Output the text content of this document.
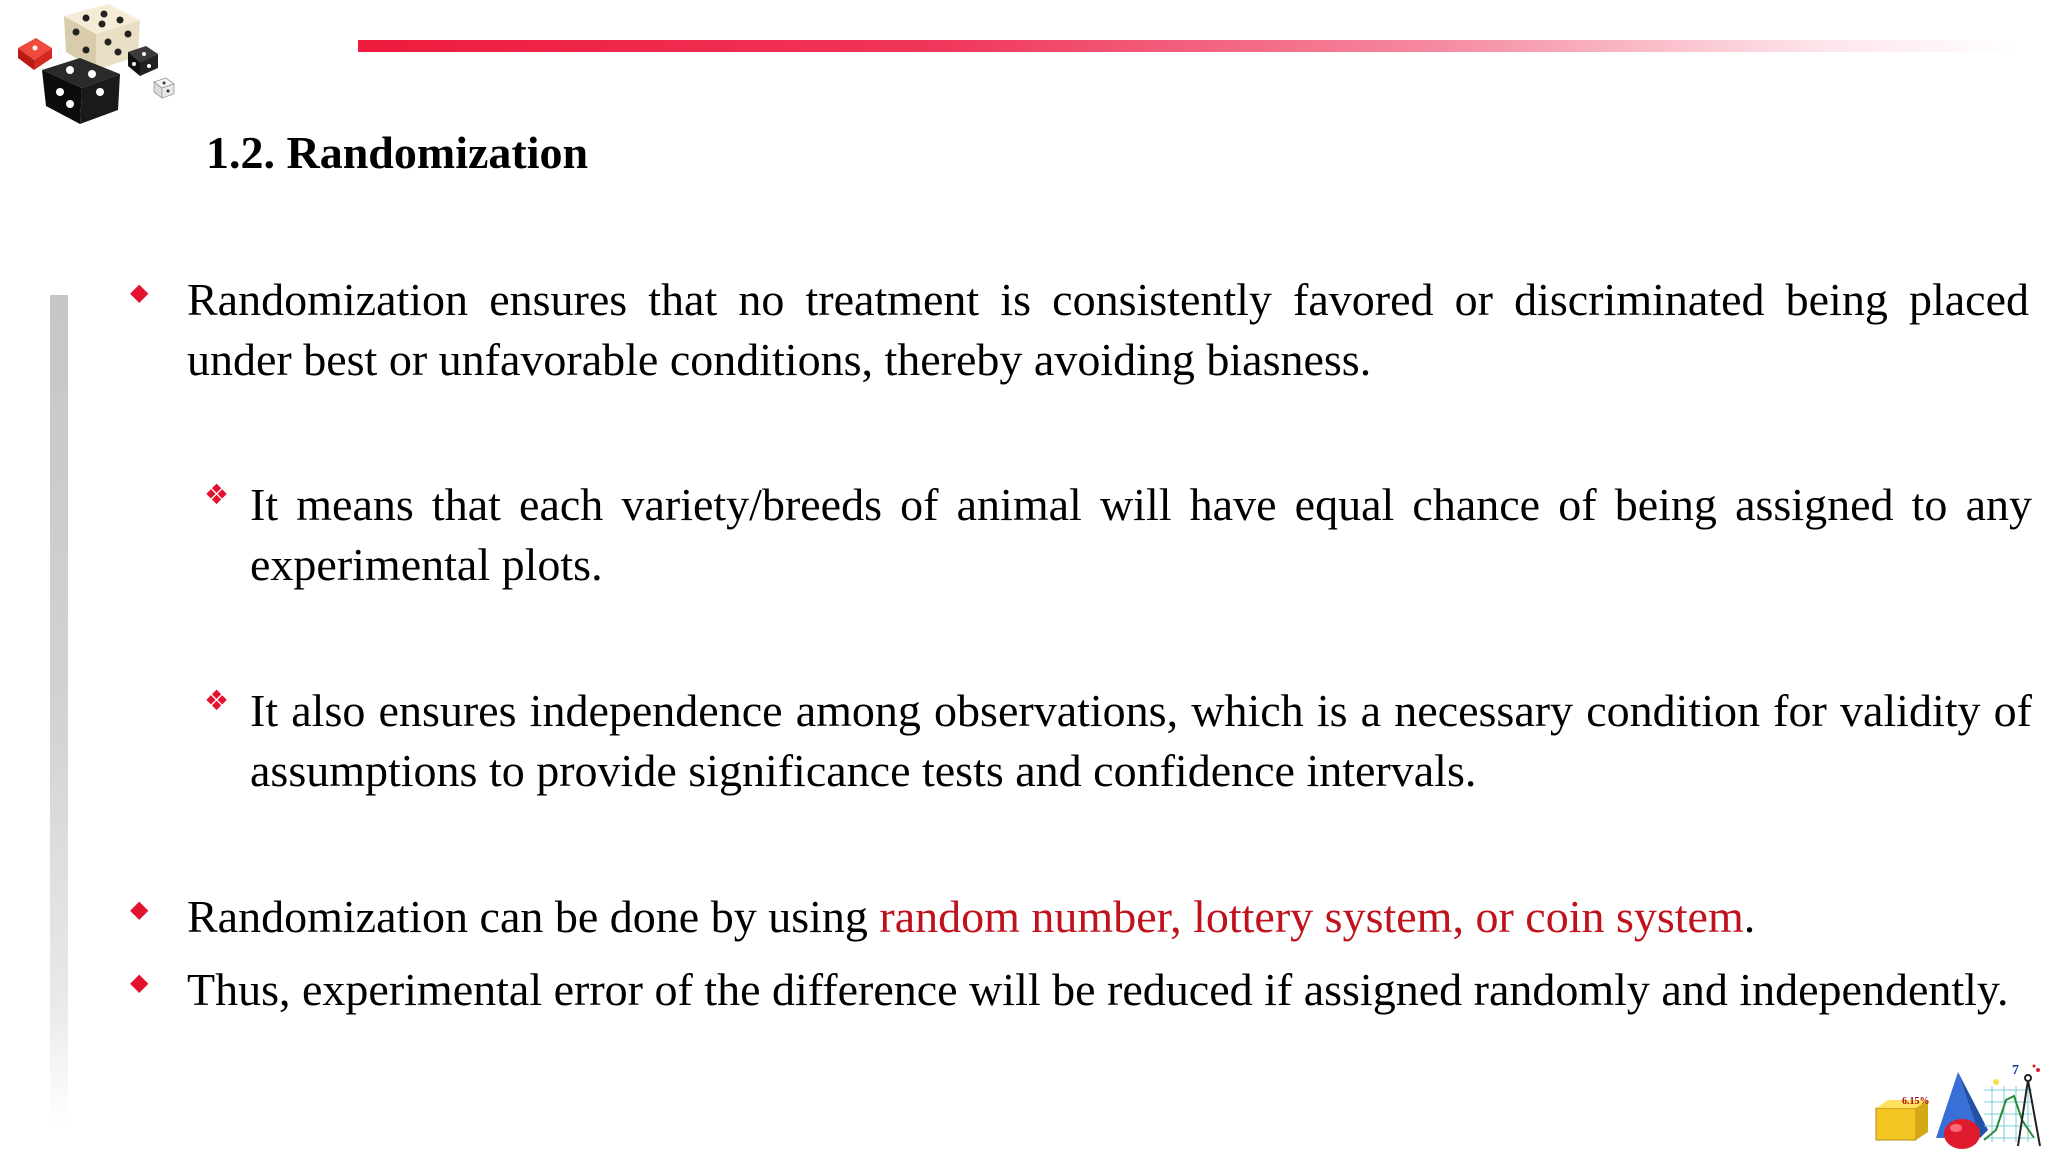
1.2. Randomization
◆ Randomization ensures that no treatment is consistently favored or discriminated being placed under best or unfavorable conditions, thereby avoiding biasness.
❖ It means that each variety/breeds of animal will have equal chance of being assigned to any experimental plots.
❖ It also ensures independence among observations, which is a necessary condition for validity of assumptions to provide significance tests and confidence intervals.
◆ Randomization can be done by using random number, lottery system, or coin system.
◆ Thus, experimental error of the difference will be reduced if assigned randomly and independently.
7
6.15%
